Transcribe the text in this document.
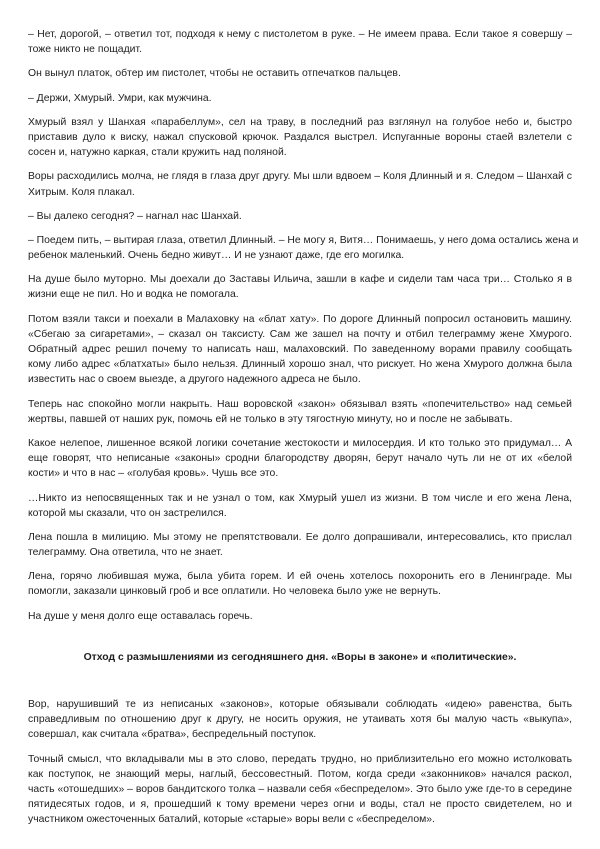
– Нет, дорогой, – ответил тот, подходя к нему с пистолетом в руке. – Не имеем права. Если такое я совершу –
тоже никто не пощадит.
Он вынул платок, обтер им пистолет, чтобы не оставить отпечатков пальцев.
– Держи, Хмурый. Умри, как мужчина.
Хмурый взял у Шанхая «парабеллум», сел на траву, в последний раз взглянул на голубое небо и, быстро
приставив дуло к виску, нажал спусковой крючок. Раздался выстрел. Испуганные вороны стаей взлетели с
сосен и, натужно каркая, стали кружить над поляной.
Воры расходились молча, не глядя в глаза друг другу. Мы шли вдвоем – Коля Длинный и я. Следом – Шанхай с
Хитрым. Коля плакал.
– Вы далеко сегодня? – нагнал нас Шанхай.
– Поедем пить, – вытирая глаза, ответил Длинный. – Не могу я, Витя… Понимаешь, у него дома остались жена и
ребенок маленький. Очень бедно живут… И не узнают даже, где его могилка.
На душе было муторно. Мы доехали до Заставы Ильича, зашли в кафе и сидели там часа три… Столько я в
жизни еще не пил. Но и водка не помогала.
Потом взяли такси и поехали в Малаховку на «блат хату». По дороге Длинный попросил остановить машину.
«Сбегаю за сигаретами», – сказал он таксисту. Сам же зашел на почту и отбил телеграмму жене Хмурого.
Обратный адрес решил почему то написать наш, малаховский. По заведенному ворами правилу сообщать
кому либо адрес «блатхаты» было нельзя. Длинный хорошо знал, что рискует. Но жена Хмурого должна была
известить нас о своем выезде, а другого надежного адреса не было.
Теперь нас спокойно могли накрыть. Наш воровской «закон» обязывал взять «попечительство» над семьей
жертвы, павшей от наших рук, помочь ей не только в эту тягостную минуту, но и после не забывать.
Какое нелепое, лишенное всякой логики сочетание жестокости и милосердия. И кто только это придумал… А
еще говорят, что неписаные «законы» сродни благородству дворян, берут начало чуть ли не от их «белой
кости» и что в нас – «голубая кровь». Чушь все это.
…Никто из непосвященных так и не узнал о том, как Хмурый ушел из жизни. В том числе и его жена Лена,
которой мы сказали, что он застрелился.
Лена пошла в милицию. Мы этому не препятствовали. Ее долго допрашивали, интересовались, кто прислал
телеграмму. Она ответила, что не знает.
Лена, горячо любившая мужа, была убита горем. И ей очень хотелось похоронить его в Ленинграде. Мы
помогли, заказали цинковый гроб и все оплатили. Но человека было уже не вернуть.
На душе у меня долго еще оставалась горечь.
Отход с размышлениями из сегодняшнего дня. «Воры в законе» и «политические».
Вор, нарушивший те из неписаных «законов», которые обязывали соблюдать «идею» равенства, быть
справедливым по отношению друг к другу, не носить оружия, не утаивать хотя бы малую часть «выкупа»,
совершал, как считала «братва», беспредельный поступок.
Точный смысл, что вкладывали мы в это слово, передать трудно, но приблизительно его можно истолковать
как поступок, не знающий меры, наглый, бессовестный. Потом, когда среди «законников» начался раскол,
часть «отошедших» – воров бандитского толка – назвали себя «беспределом». Это было уже где-то в середине
пятидесятых годов, и я, прошедший к тому времени через огни и воды, стал не просто свидетелем, но и
участником ожесточенных баталий, которые «старые» воры вели с «беспределом».
